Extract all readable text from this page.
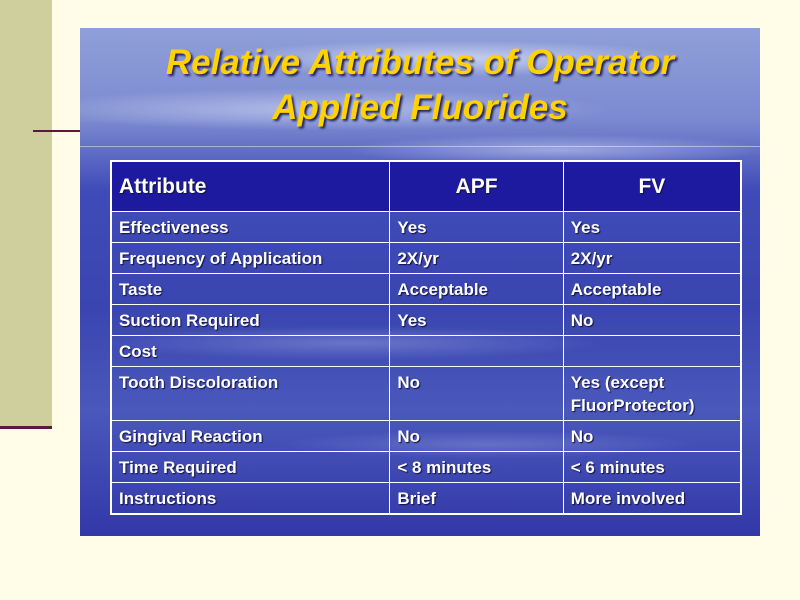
Relative Attributes of Operator
Applied Fluorides
Attribute	APF	FV
Effectiveness	Yes	Yes
Frequency of Application	2X/yr	2X/yr
Taste	Acceptable	Acceptable
Suction Required	Yes	No
Cost		
Tooth Discoloration	No	Yes (except FluorProtector)
Gingival Reaction	No	No
Time Required	< 8 minutes	< 6 minutes
Instructions	Brief	More involved
